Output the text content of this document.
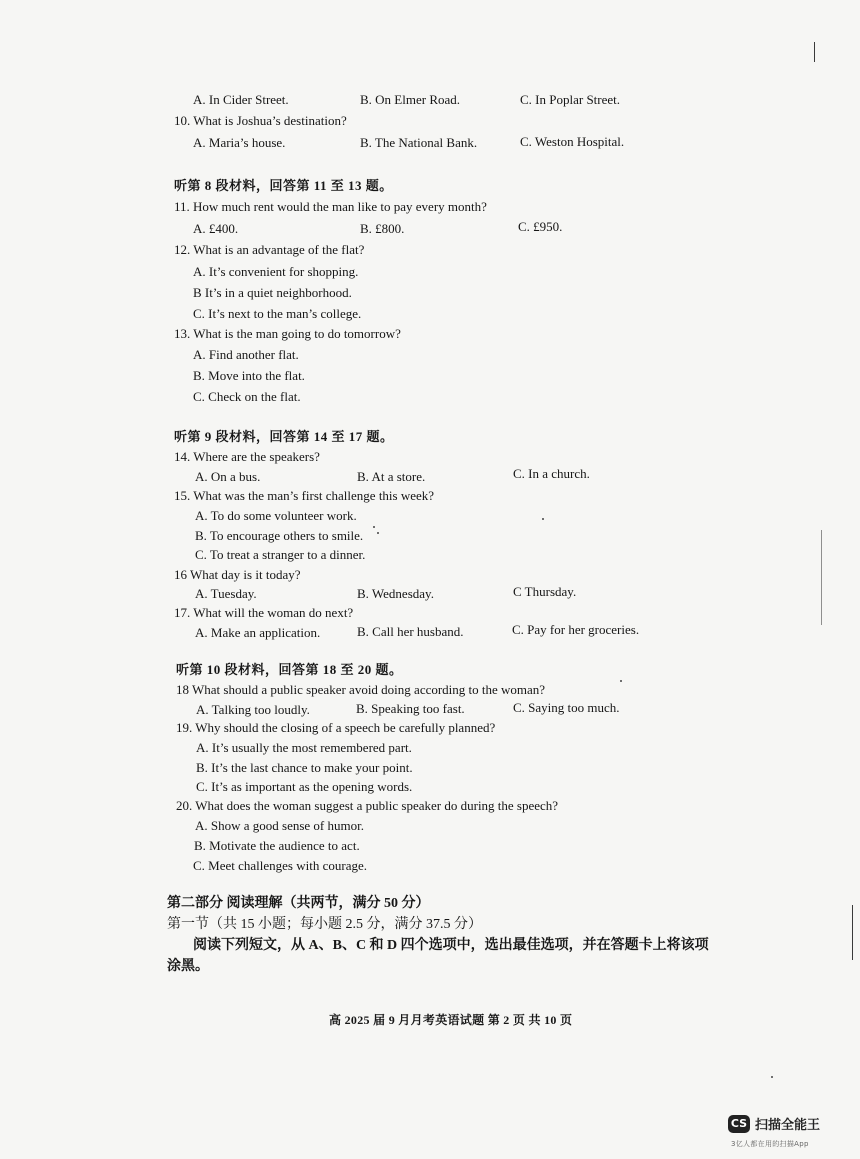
A. In Cider Street.	B. On Elmer Road.	C. In Poplar Street.
10. What is Joshua’s destination?
A. Maria’s house.	B. The National Bank.	C. Weston Hospital.
听第 8 段材料，回答第 11 至 13 题。
11. How much rent would the man like to pay every month?
A. £400.	B. £800.	C. £950.
12. What is an advantage of the flat?
A. It’s convenient for shopping.
B It’s in a quiet neighborhood.
C. It’s next to the man’s college.
13. What is the man going to do tomorrow?
A. Find another flat.
B. Move into the flat.
C. Check on the flat.
听第 9 段材料，回答第 14 至 17 题。
14. Where are the speakers?
A. On a bus.	B. At a store.	C. In a church.
15. What was the man’s first challenge this week?
A. To do some volunteer work.
B. To encourage others to smile.
C. To treat a stranger to a dinner.
16 What day is it today?
A. Tuesday.	B. Wednesday.	C Thursday.
17. What will the woman do next?
A. Make an application.	B. Call her husband.	C. Pay for her groceries.
听第 10 段材料，回答第 18 至 20 题。
18 What should a public speaker avoid doing according to the woman?
A. Talking too loudly.	B. Speaking too fast.	C. Saying too much.
19. Why should the closing of a speech be carefully planned?
A. It’s usually the most remembered part.
B. It’s the last chance to make your point.
C. It’s as important as the opening words.
20. What does the woman suggest a public speaker do during the speech?
A. Show a good sense of humor.
B. Motivate the audience to act.
C. Meet challenges with courage.
第二部分 阅读理解（共两节，满分 50 分）
第一节（共 15 小题；每小题 2.5 分，满分 37.5 分）
阅读下列短文，从 A、B、C 和 D 四个选项中，选出最佳选项，并在答题卡上将该项
涂黑。
高 2025 届 9 月月考英语试题 第 2 页 共 10 页
CS 扫描全能王
3亿人都在用的扫描App
